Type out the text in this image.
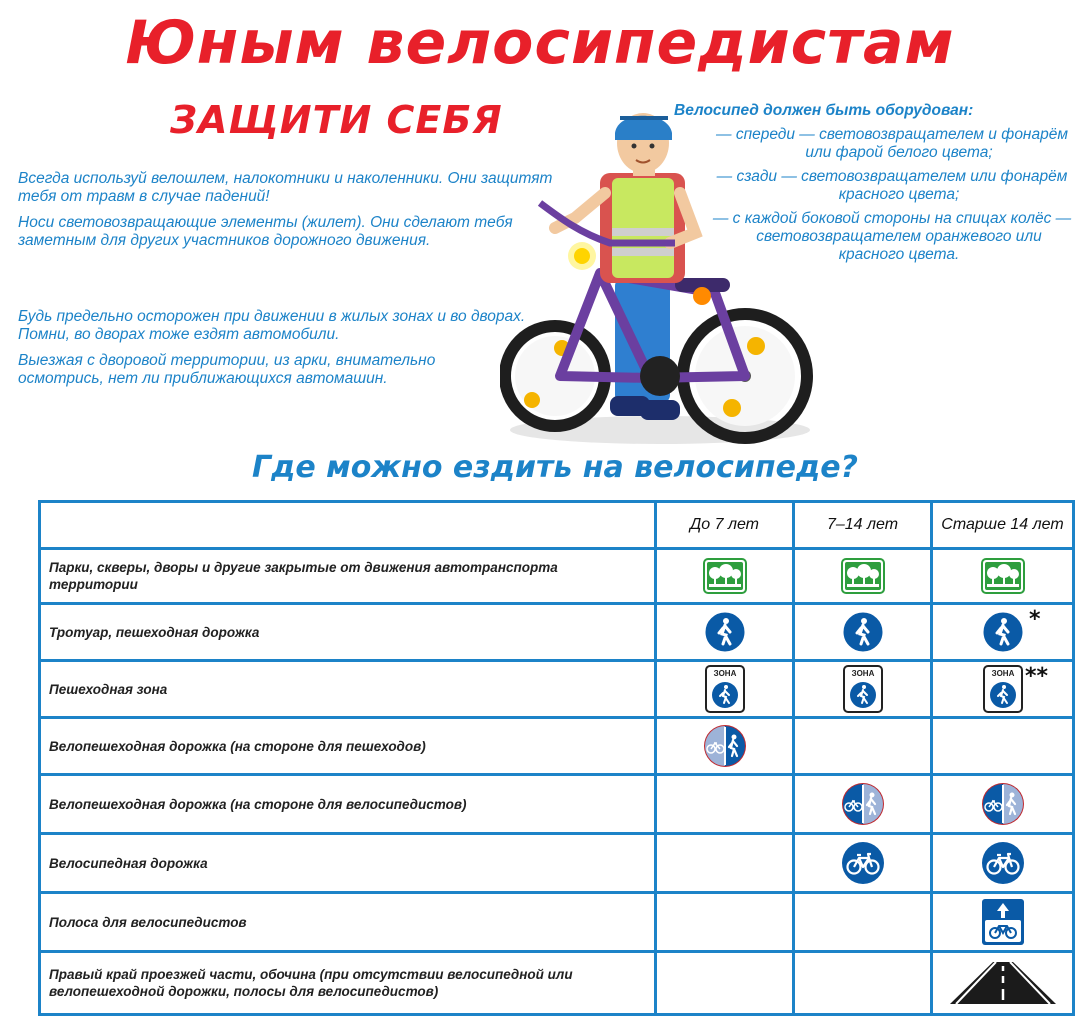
Юным велосипедистам
ЗАЩИТИ СЕБЯ

Всегда используй велошлем, налокотники и наколенники. Они защитят тебя от травм в случае падений!

Носи световозвращающие элементы (жилет). Они сделают тебя заметным для других участников дорожного движения.

Будь предельно осторожен при движении в жилых зонах и во дворах. Помни, во дворах тоже ездят автомобили.

Выезжая с дворовой территории, из арки, внимательно осмотрись, нет ли приближающихся автомашин.

Велосипед должен быть оборудован:

— спереди — световозвращателем и фонарём или фарой белого цвета;

— сзади — световозвращателем или фонарём красного цвета;

— с каждой боковой стороны на спицах колёс — световозвращателем оранжевого или красного цвета.

Где можно ездить на велосипеде?
	До 7 лет	7–14 лет	Старше 14 лет
Парки, скверы, дворы и другие закрытые от движения автотранспорта территории			
Тротуар, пешеходная дорожка			*

Пешеходная зона	ЗОНА	ЗОНА	ЗОНА **

Велопешеходная дорожка (на стороне для пешеходов)			
Велопешеходная дорожка (на стороне для велосипедистов)			
Велосипедная дорожка			
Полоса для велосипедистов			
Правый край проезжей части, обочина (при отсутствии велосипедной или велопешеходной дорожки, полосы для велосипедистов)			
